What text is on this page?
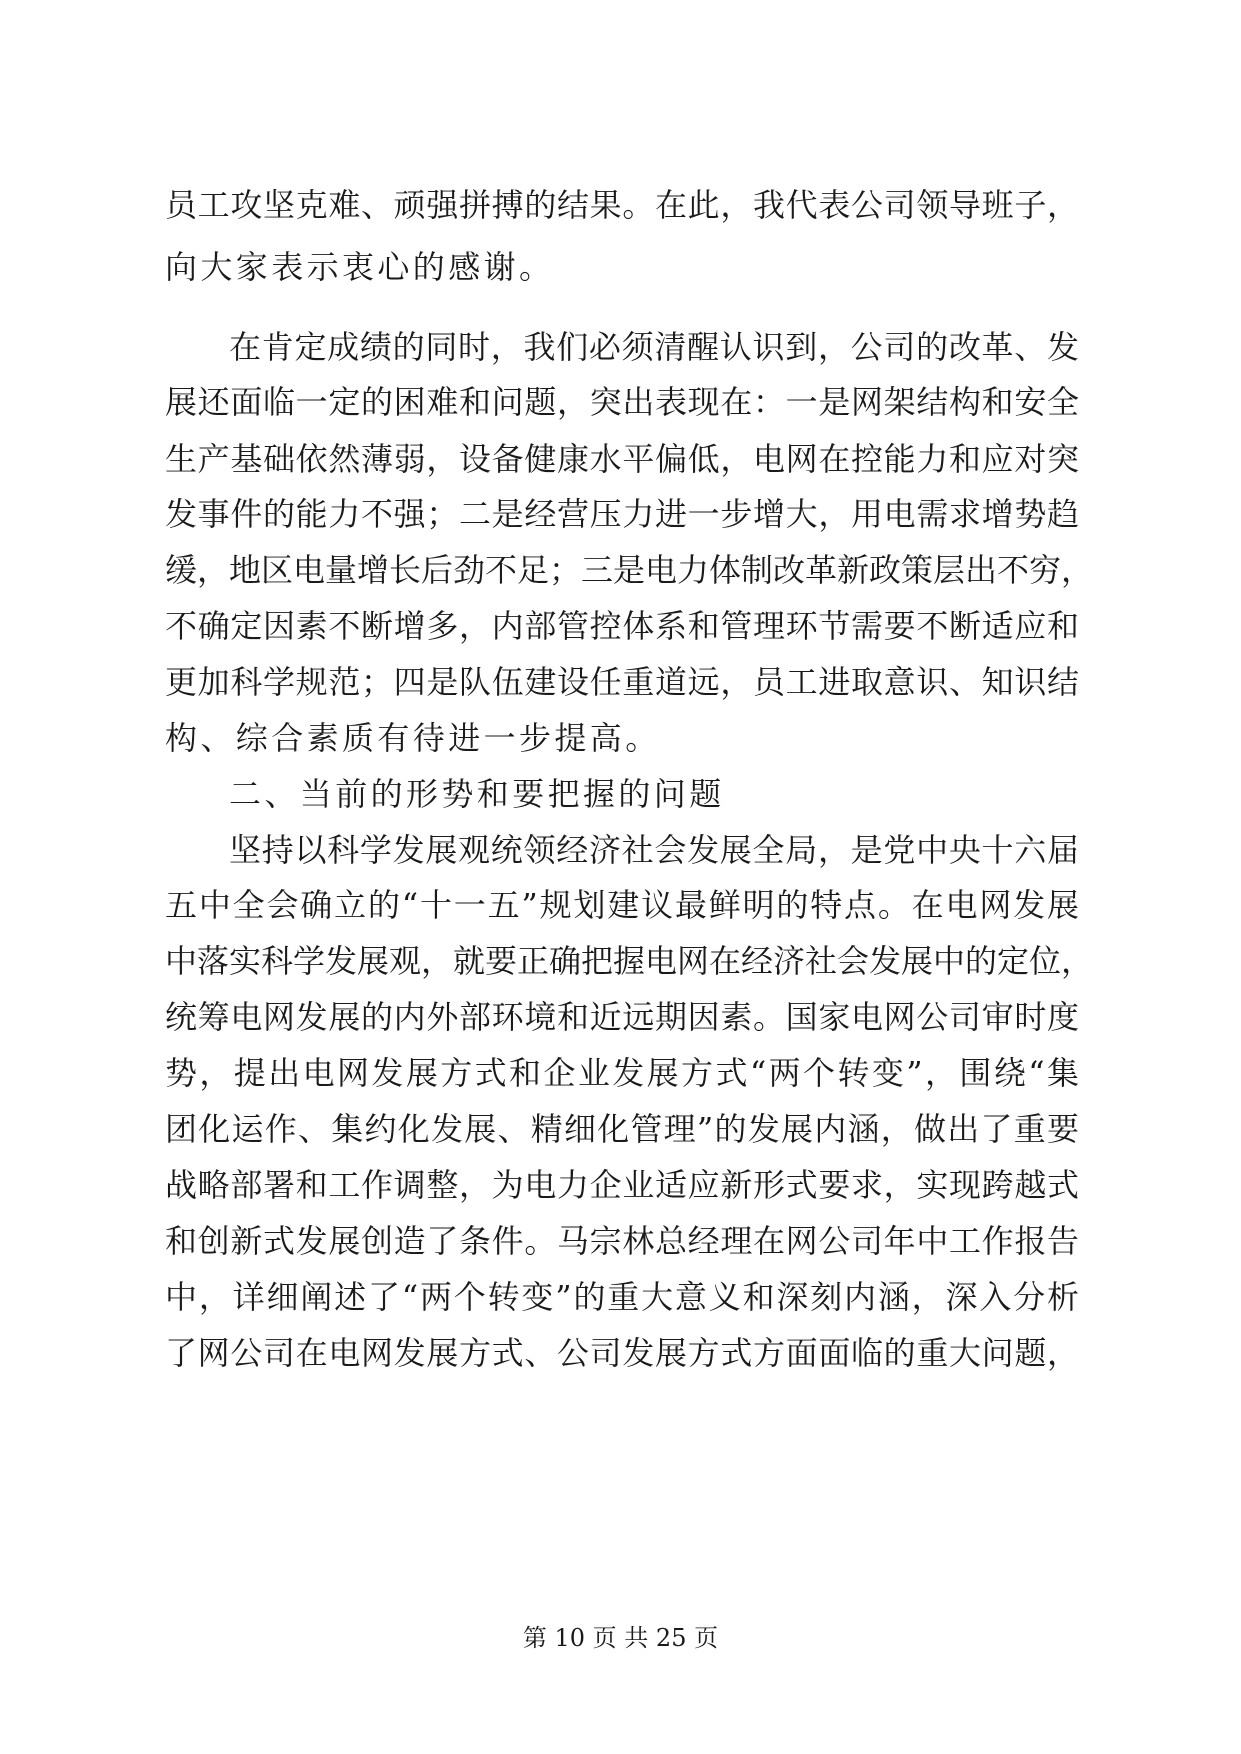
员工攻坚克难、顽强拼搏的结果。在此，我代表公司领导班子，
向大家表示衷心的感谢。
在肯定成绩的同时，我们必须清醒认识到，公司的改革、发
展还面临一定的困难和问题，突出表现在：一是网架结构和安全
生产基础依然薄弱，设备健康水平偏低，电网在控能力和应对突
发事件的能力不强；二是经营压力进一步增大，用电需求增势趋
缓，地区电量增长后劲不足；三是电力体制改革新政策层出不穷，
不确定因素不断增多，内部管控体系和管理环节需要不断适应和
更加科学规范；四是队伍建设任重道远，员工进取意识、知识结
构、综合素质有待进一步提高。
二、当前的形势和要把握的问题
坚持以科学发展观统领经济社会发展全局，是党中央十六届
五中全会确立的“十一五”规划建议最鲜明的特点。在电网发展
中落实科学发展观，就要正确把握电网在经济社会发展中的定位，
统筹电网发展的内外部环境和近远期因素。国家电网公司审时度
势，提出电网发展方式和企业发展方式“两个转变”，围绕“集
团化运作、集约化发展、精细化管理”的发展内涵，做出了重要
战略部署和工作调整，为电力企业适应新形式要求，实现跨越式
和创新式发展创造了条件。马宗林总经理在网公司年中工作报告
中，详细阐述了“两个转变”的重大意义和深刻内涵，深入分析
了网公司在电网发展方式、公司发展方式方面面临的重大问题，
第 10 页 共 25 页
